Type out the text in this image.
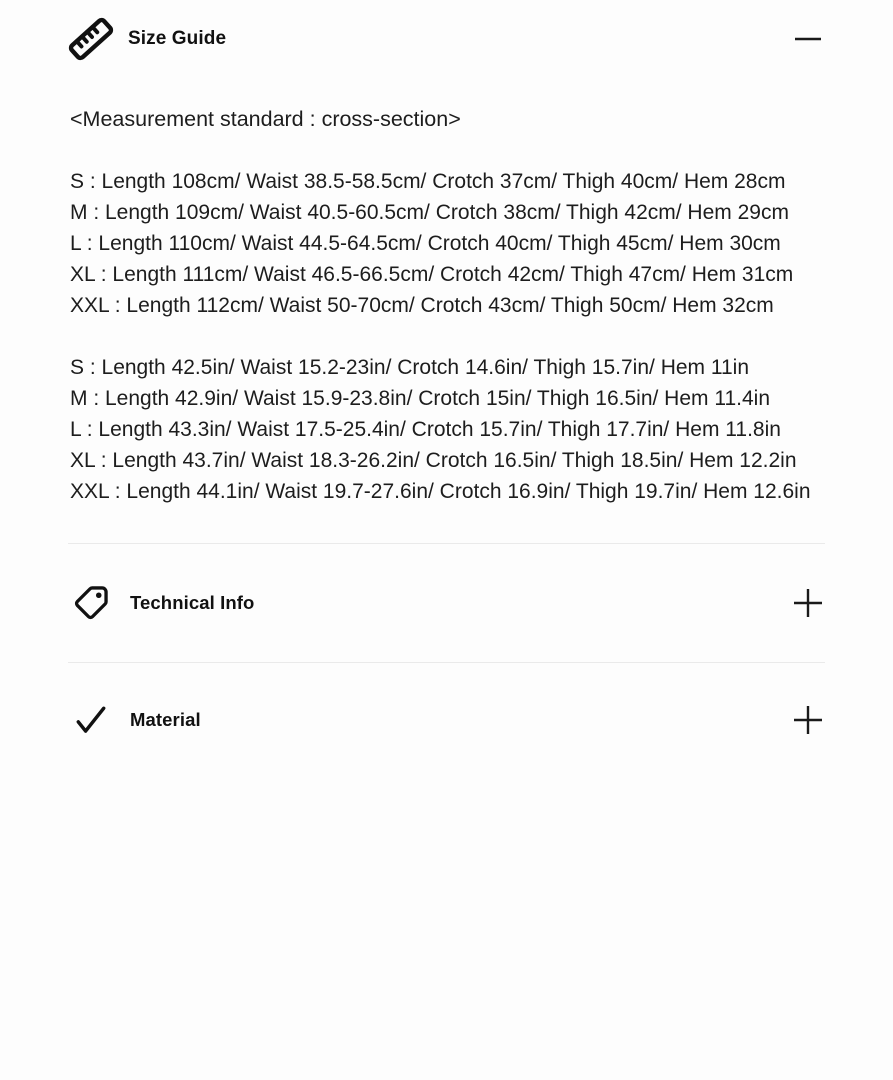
Size Guide

<Measurement standard : cross-section>

S : Length 108cm/ Waist 38.5-58.5cm/ Crotch 37cm/ Thigh 40cm/ Hem 28cm

M : Length 109cm/ Waist 40.5-60.5cm/ Crotch 38cm/ Thigh 42cm/ Hem 29cm

L : Length 110cm/ Waist 44.5-64.5cm/ Crotch 40cm/ Thigh 45cm/ Hem 30cm

XL : Length 111cm/ Waist 46.5-66.5cm/ Crotch 42cm/ Thigh 47cm/ Hem 31cm

XXL : Length 112cm/ Waist 50-70cm/ Crotch 43cm/ Thigh 50cm/ Hem 32cm

S : Length 42.5in/ Waist 15.2-23in/ Crotch 14.6in/ Thigh 15.7in/ Hem 11in

M : Length 42.9in/ Waist 15.9-23.8in/ Crotch 15in/ Thigh 16.5in/ Hem 11.4in

L : Length 43.3in/ Waist 17.5-25.4in/ Crotch 15.7in/ Thigh 17.7in/ Hem 11.8in

XL : Length 43.7in/ Waist 18.3-26.2in/ Crotch 16.5in/ Thigh 18.5in/ Hem 12.2in

XXL : Length 44.1in/ Waist 19.7-27.6in/ Crotch 16.9in/ Thigh 19.7in/ Hem 12.6in

Technical Info
Material
